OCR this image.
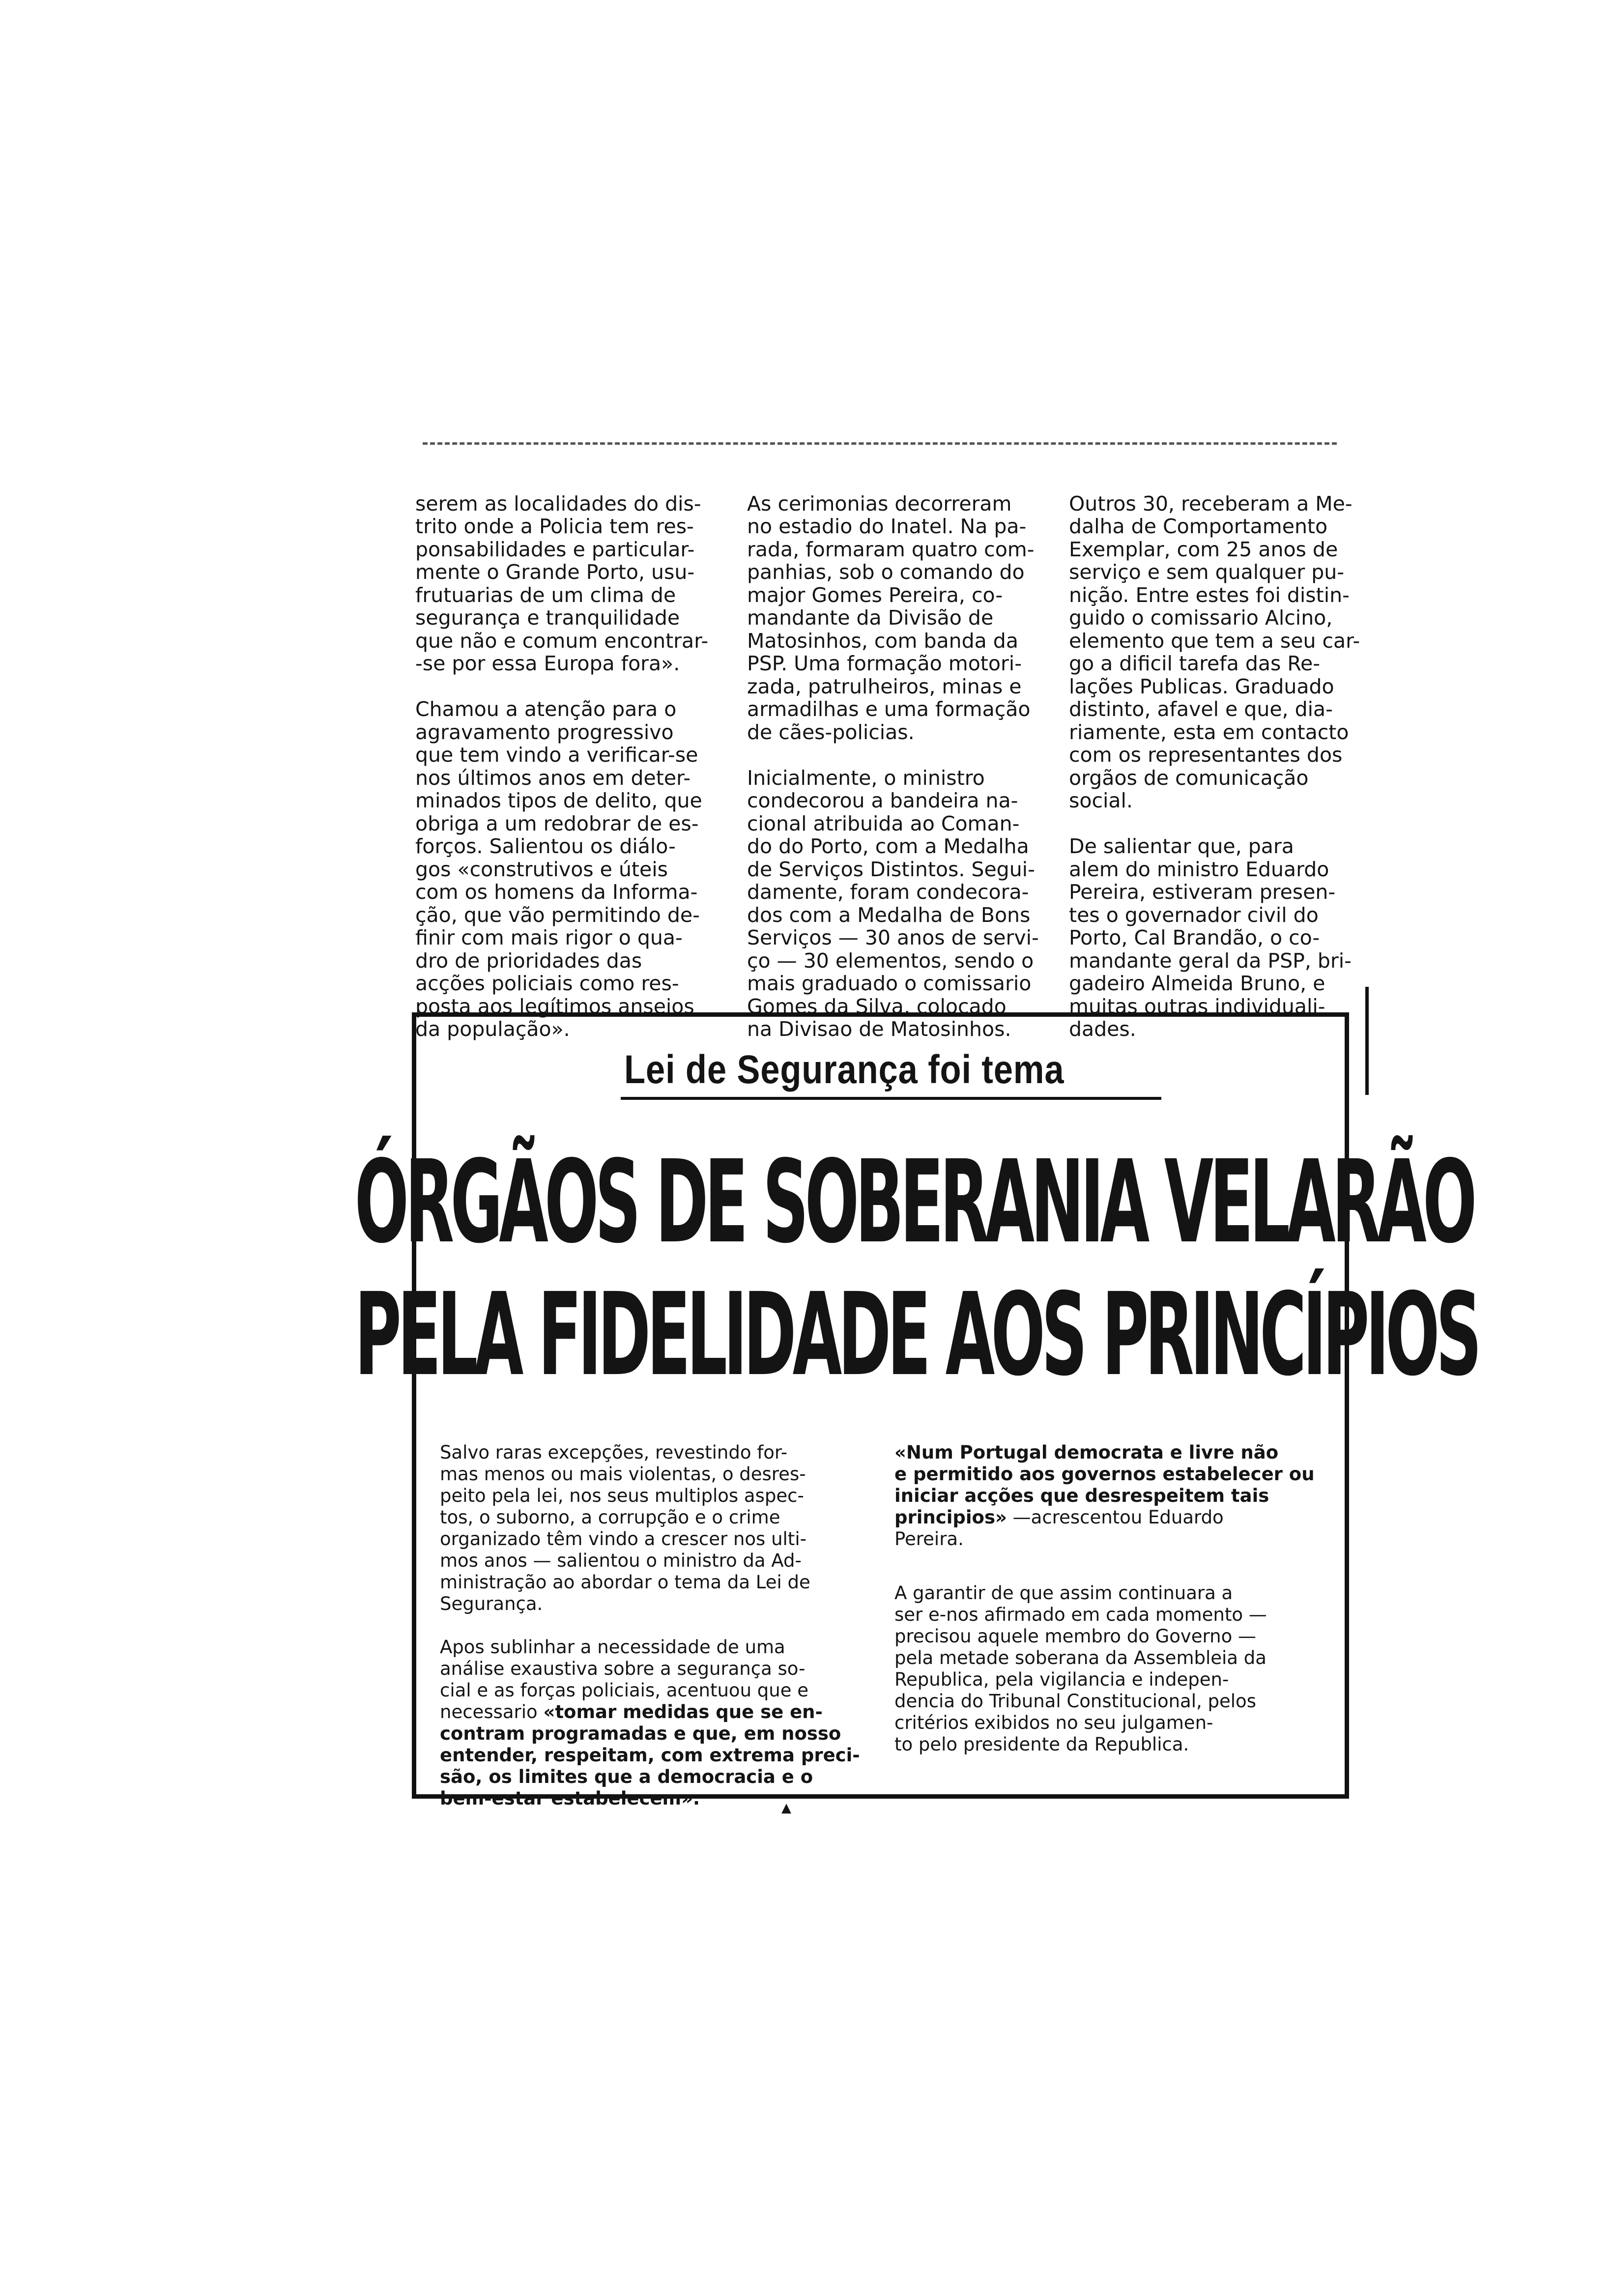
serem as localidades do dis-
trito onde a Policia tem res-
ponsabilidades e particular-
mente o Grande Porto, usu-
frutuarias de um clima de
segurança e tranquilidade
que não e comum encontrar-
-se por essa Europa fora».

Chamou a atenção para o
agravamento progressivo
que tem vindo a verificar-se
nos últimos anos em deter-
minados tipos de delito, que
obriga a um redobrar de es-
forços. Salientou os diálo-
gos «construtivos e úteis
com os homens da Informa-
ção, que vão permitindo de-
finir com mais rigor o qua-
dro de prioridades das
acções policiais como res-
posta aos legítimos anseios
da população».

As cerimonias decorreram
no estadio do Inatel. Na pa-
rada, formaram quatro com-
panhias, sob o comando do
major Gomes Pereira, co-
mandante da Divisão de
Matosinhos, com banda da
PSP. Uma formação motori-
zada, patrulheiros, minas e
armadilhas e uma formação
de cães-policias.

Inicialmente, o ministro
condecorou a bandeira na-
cional atribuida ao Coman-
do do Porto, com a Medalha
de Serviços Distintos. Segui-
damente, foram condecora-
dos com a Medalha de Bons
Serviços — 30 anos de servi-
ço — 30 elementos, sendo o
mais graduado o comissario
Gomes da Silva, colocado
na Divisao de Matosinhos.

Outros 30, receberam a Me-
dalha de Comportamento
Exemplar, com 25 anos de
serviço e sem qualquer pu-
nição. Entre estes foi distin-
guido o comissario Alcino,
elemento que tem a seu car-
go a dificil tarefa das Re-
lações Publicas. Graduado
distinto, afavel e que, dia-
riamente, esta em contacto
com os representantes dos
orgãos de comunicação
social.

De salientar que, para
alem do ministro Eduardo
Pereira, estiveram presen-
tes o governador civil do
Porto, Cal Brandão, o co-
mandante geral da PSP, bri-
gadeiro Almeida Bruno, e
muitas outras individuali-
dades.

Lei de Segurança foi tema
ÓRGÃOS DE SOBERANIA VELARÃO
PELA FIDELIDADE AOS PRINCÍPIOS

Salvo raras excepções, revestindo for-
mas menos ou mais violentas, o desres-
peito pela lei, nos seus multiplos aspec-
tos, o suborno, a corrupção e o crime
organizado têm vindo a crescer nos ulti-
mos anos — salientou o ministro da Ad-
ministração ao abordar o tema da Lei de
Segurança.

Apos sublinhar a necessidade de uma
análise exaustiva sobre a segurança so-
cial e as forças policiais, acentuou que e
necessario «tomar medidas que se en-
contram programadas e que, em nosso
entender, respeitam, com extrema preci-
são, os limites que a democracia e o
bem-estar estabelecem».

«Num Portugal democrata e livre não
e permitido aos governos estabelecer ou
iniciar acções que desrespeitem tais
principios» —acrescentou Eduardo
Pereira.

A garantir de que assim continuara a
ser e-nos afirmado em cada momento —
precisou aquele membro do Governo —
pela metade soberana da Assembleia da
Republica, pela vigilancia e indepen-
dencia do Tribunal Constitucional, pelos
critérios exibidos no seu julgamen-
to pelo presidente da Republica.

▲
